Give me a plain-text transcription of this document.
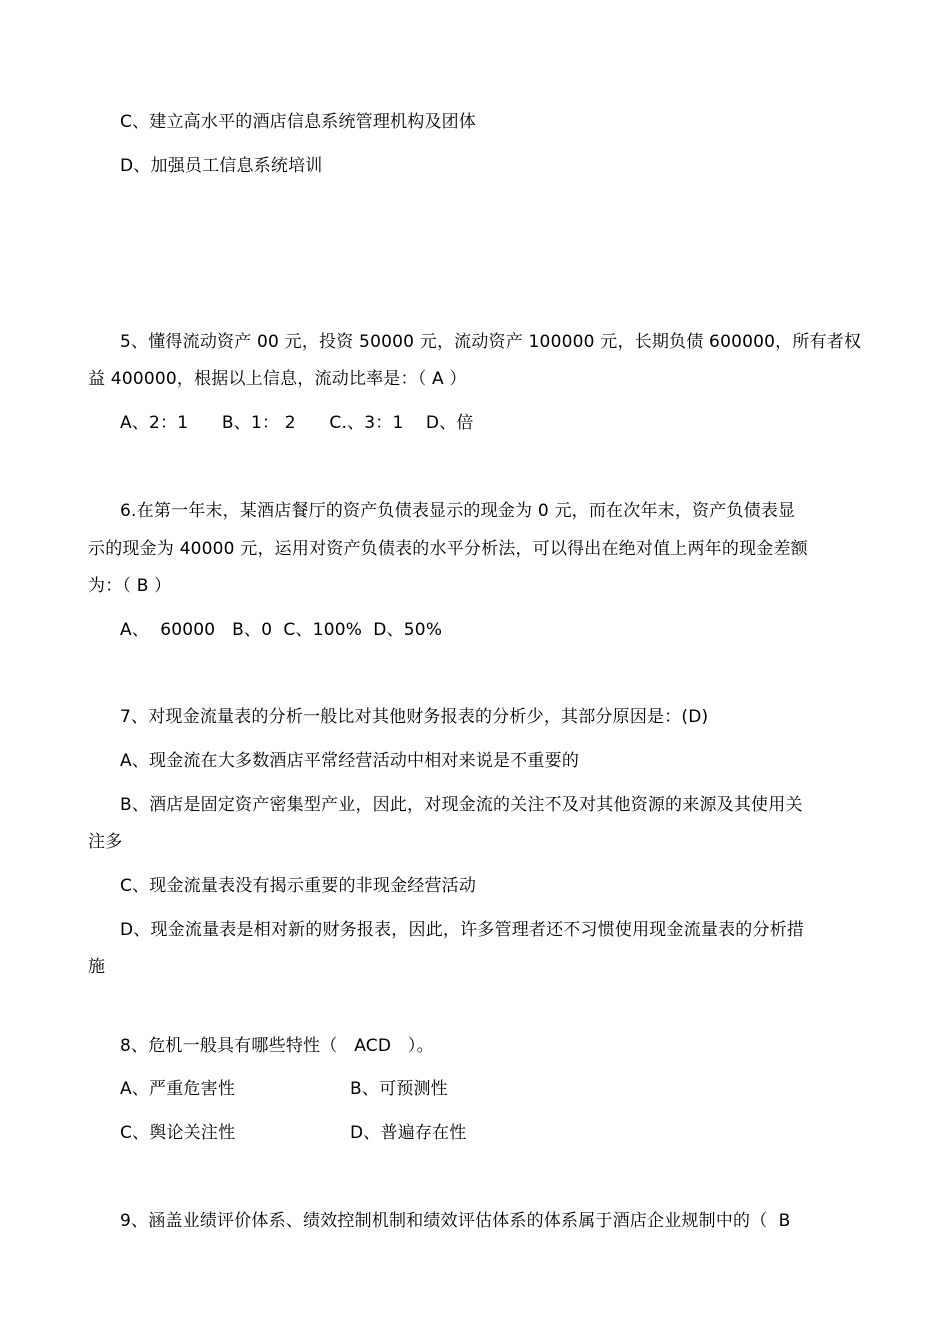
C、建立高水平的酒店信息系统管理机构及团体
D、加强员工信息系统培训
5、懂得流动资产 00 元，投资 50000 元，流动资产 100000 元，长期负债 600000，所有者权
益 400000，根据以上信息，流动比率是：（ A ）
A、2：1      B、1： 2      C.、3：1    D、倍
6.在第一年末，某酒店餐厅的资产负债表显示的现金为 0 元，而在次年末，资产负债表显
示的现金为 40000 元，运用对资产负债表的水平分析法，可以得出在绝对值上两年的现金差额
为：（ B ）
A、  60000   B、0  C、100%  D、50%
7、对现金流量表的分析一般比对其他财务报表的分析少，其部分原因是：(D)
A、现金流在大多数酒店平常经营活动中相对来说是不重要的
B、酒店是固定资产密集型产业，因此，对现金流的关注不及对其他资源的来源及其使用关
注多
C、现金流量表没有揭示重要的非现金经营活动
D、现金流量表是相对新的财务报表，因此，许多管理者还不习惯使用现金流量表的分析措
施
8、危机一般具有哪些特性（   ACD   ）。
A、严重危害性	B、可预测性
C、舆论关注性	D、普遍存在性
9、涵盖业绩评价体系、绩效控制机制和绩效评估体系的体系属于酒店企业规制中的（  B
